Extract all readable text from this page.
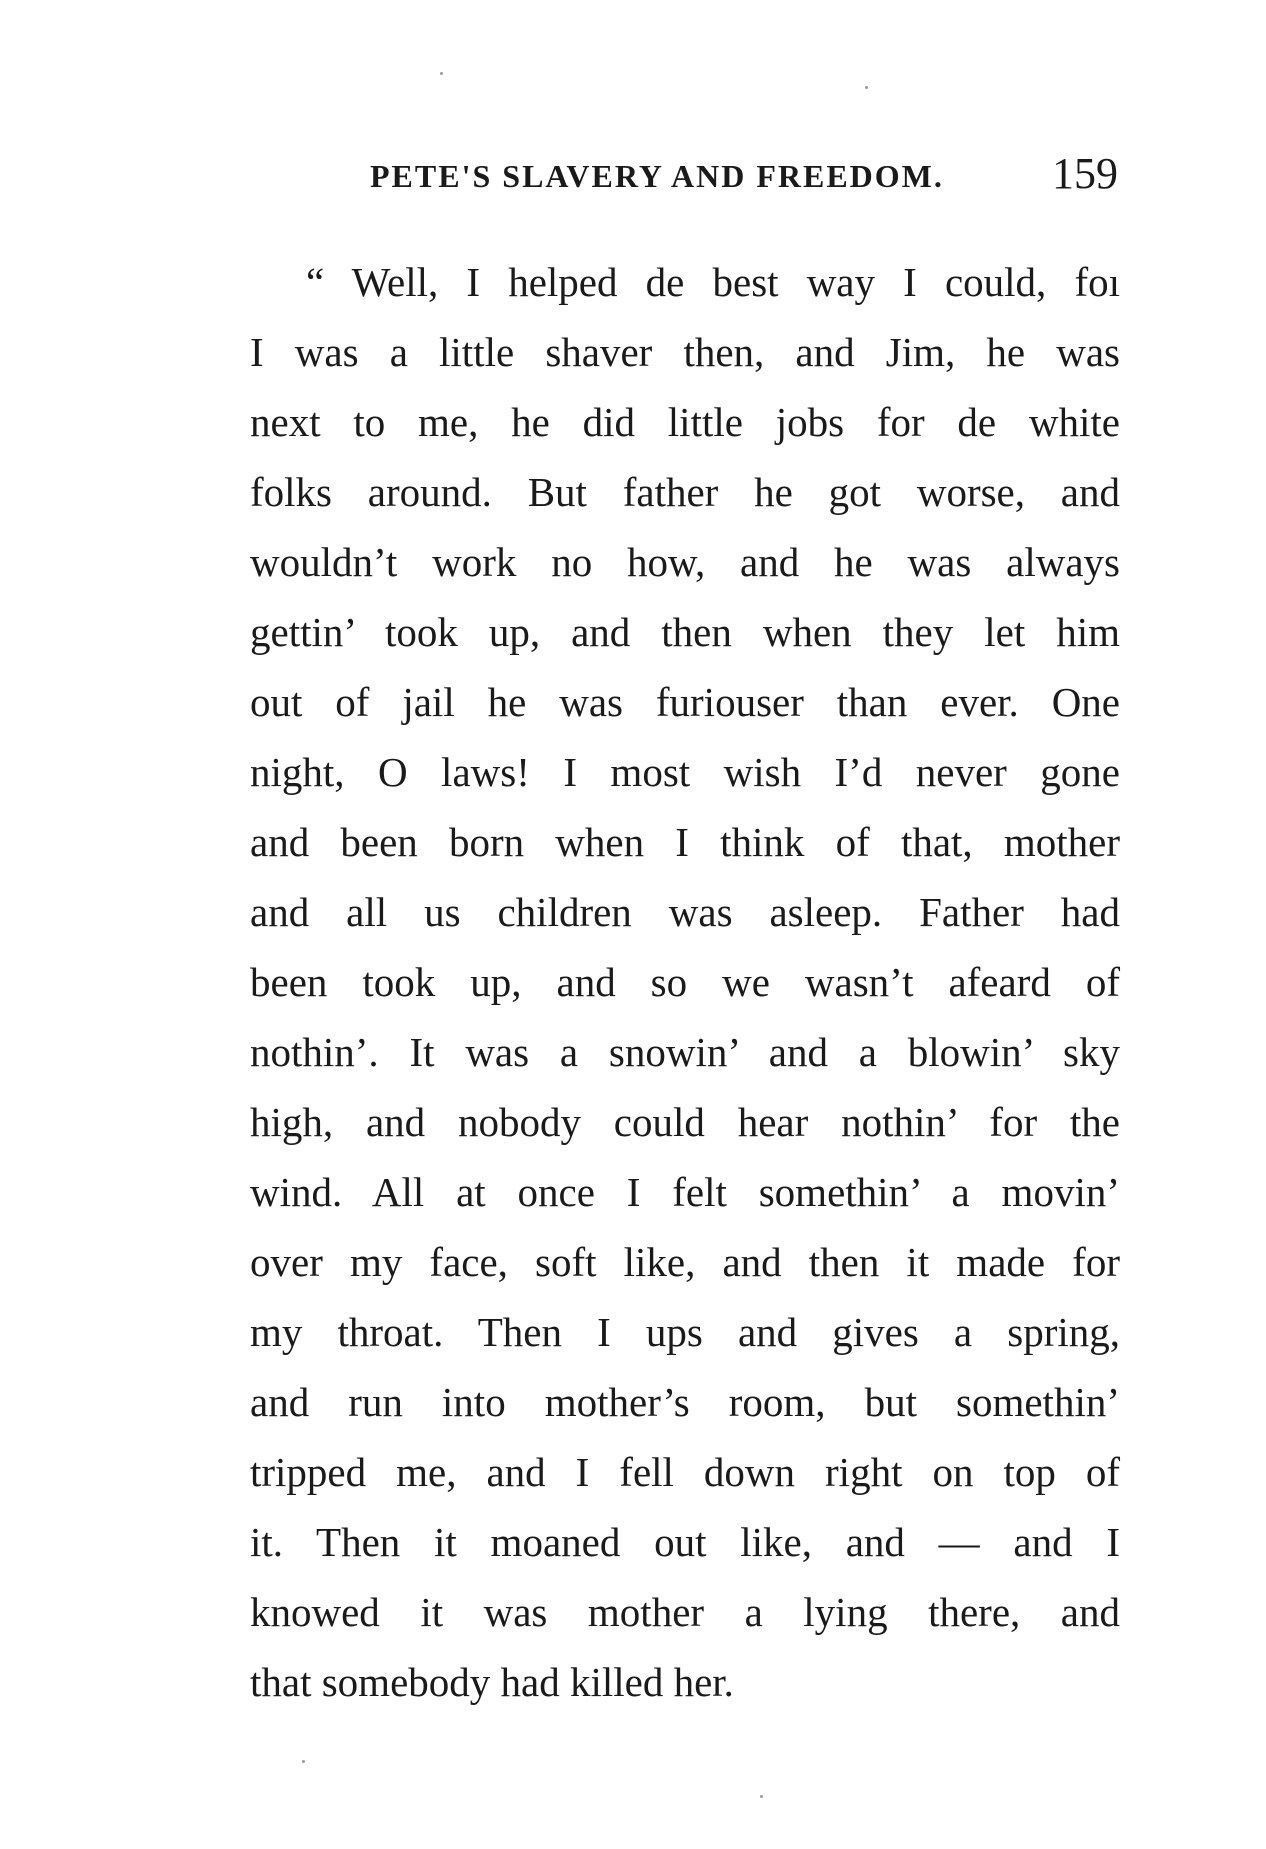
PETE'S SLAVERY AND FREEDOM. 159
“ Well, I helped de best way I could, foı
I was a little shaver then, and Jim, he was
next to me, he did little jobs for de white
folks around. But father he got worse, and
wouldn’t work no how, and he was always
gettin’ took up, and then when they let him
out of jail he was furiouser than ever. One
night, O laws! I most wish I’d never gone
and been born when I think of that, mother
and all us children was asleep. Father had
been took up, and so we wasn’t afeard of
nothin’. It was a snowin’ and a blowin’ sky
high, and nobody could hear nothin’ for the
wind. All at once I felt somethin’ a movin’
over my face, soft like, and then it made for
my throat. Then I ups and gives a spring,
and run into mother’s room, but somethin’
tripped me, and I fell down right on top of
it. Then it moaned out like, and — and I
knowed it was mother a lying there, and
that somebody had killed her.
